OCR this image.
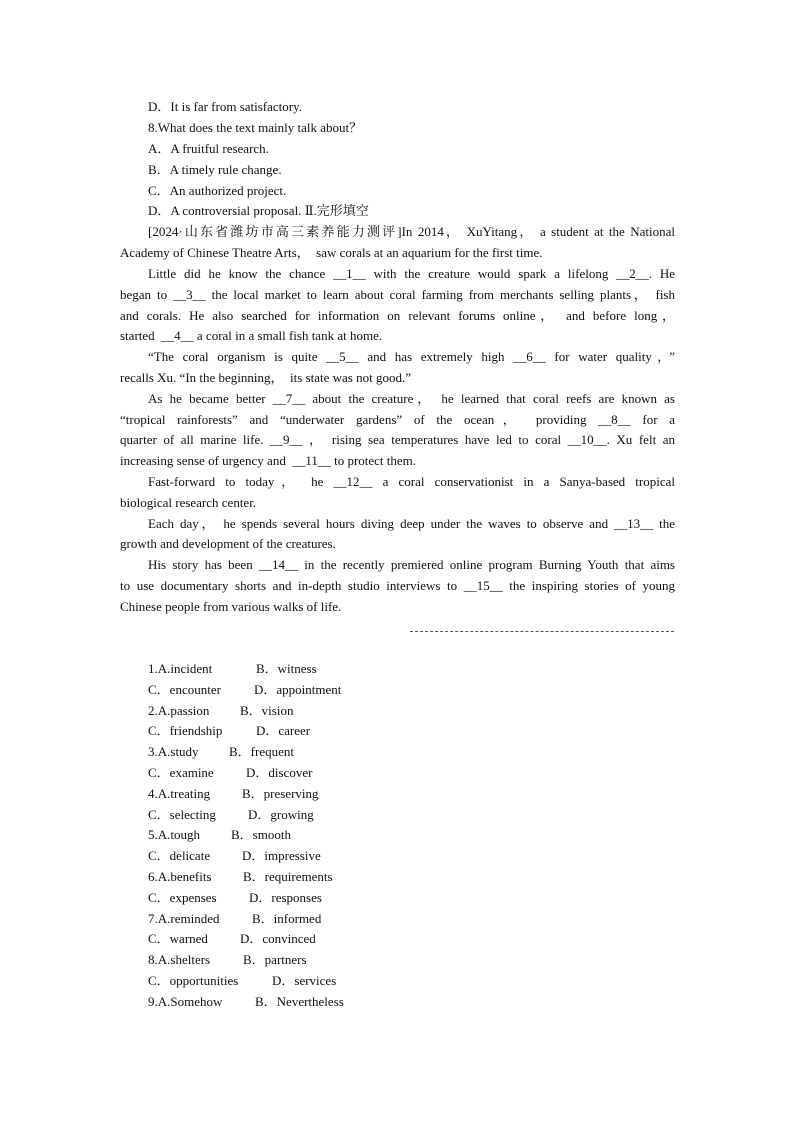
D．It is far from satisfactory.
8.What does the text mainly talk about？
A．A fruitful research.
B．A timely rule change.
C．An authorized project.
D．A controversial proposal. Ⅱ.完形填空
[2024·山东省潍坊市高三素养能力测评]In 2014， XuYitang， a student at the National
Academy of Chinese Theatre Arts，  saw corals at an aquarium for the first time.
Little did he know the chance __1__ with the creature would spark a lifelong __2__. He
began to __3__ the local market to learn about coral farming from merchants selling plants， fish
and corals. He also searched for information on relevant forums online， and before long，
started  __4__ a coral in a small fish tank at home.
“The coral organism is quite __5__ and has extremely high __6__ for water quality，”
recalls Xu. “In the beginning，  its state was not good.”
As he became better __7__ about the creature， he learned that coral reefs are known as
“tropical rainforests” and “underwater gardens” of the ocean， providing __8__ for a
quarter of all marine life. __9__ ， rising sea temperatures have led to coral __10__. Xu felt an
increasing sense of urgency and  __11__ to protect them.
Fast-forward to today， he __12__ a coral conservationist in a Sanya-based tropical
biological research center.
Each day， he spends several hours diving deep under the waves to observe and __13__ the
growth and development of the creatures.
His story has been __14__ in the recently premiered online program Burning Youth that aims
to use documentary shorts and in-depth studio interviews to __15__ the inspiring stories of young
Chinese people from various walks of life.
1.A.incident	B．witness
C．encounter	D．appointment
2.A.passion B．vision
C．friendship	D．career
3.A.study B．frequent
C．examine D．discover
4.A.treating B．preserving
C．selecting D．growing
5.A.tough B．smooth
C．delicate D．impressive
6.A.benefits B．requirements
C．expenses D．responses
7.A.reminded	B．informed
C．warned D．convinced
8.A.shelters	B．partners
C．opportunities	D．services
9.A.Somehow	B．Nevertheless
